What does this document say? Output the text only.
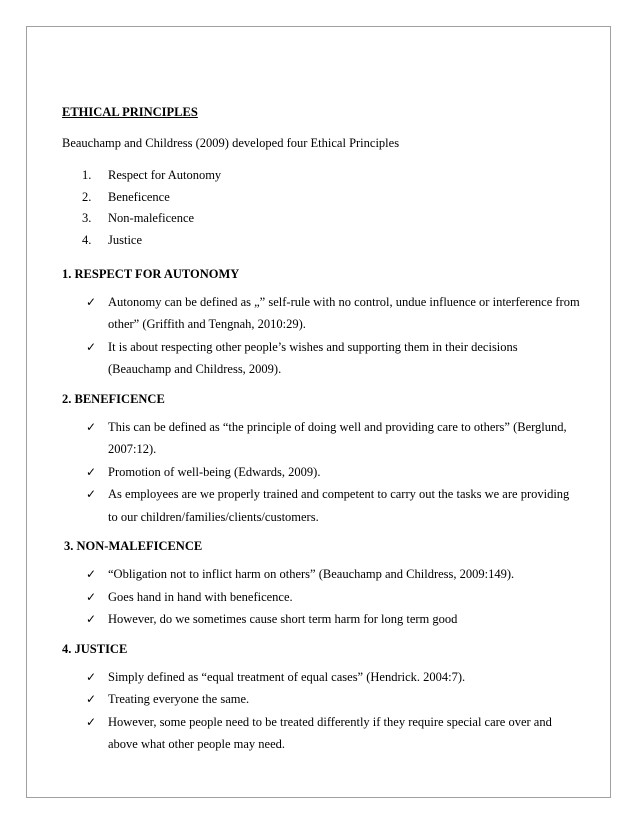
ETHICAL PRINCIPLES
Beauchamp and Childress (2009) developed four Ethical Principles
1. Respect for Autonomy
2. Beneficence
3. Non-maleficence
4. Justice
1. RESPECT FOR AUTONOMY
✓ Autonomy can be defined as „” self-rule with no control, undue influence or interference from other” (Griffith and Tengnah, 2010:29).
✓ It is about respecting other people’s wishes and supporting them in their decisions (Beauchamp and Childress, 2009).
2. BENEFICENCE
✓ This can be defined as “the principle of doing well and providing care to others” (Berglund, 2007:12).
✓ Promotion of well-being (Edwards, 2009).
✓ As employees are we properly trained and competent to carry out the tasks we are providing to our children/families/clients/customers.
3. NON-MALEFICENCE
✓ “Obligation not to inflict harm on others” (Beauchamp and Childress, 2009:149).
✓ Goes hand in hand with beneficence.
✓ However, do we sometimes cause short term harm for long term good
4. JUSTICE
✓ Simply defined as “equal treatment of equal cases” (Hendrick. 2004:7).
✓ Treating everyone the same.
✓ However, some people need to be treated differently if they require special care over and above what other people may need.
